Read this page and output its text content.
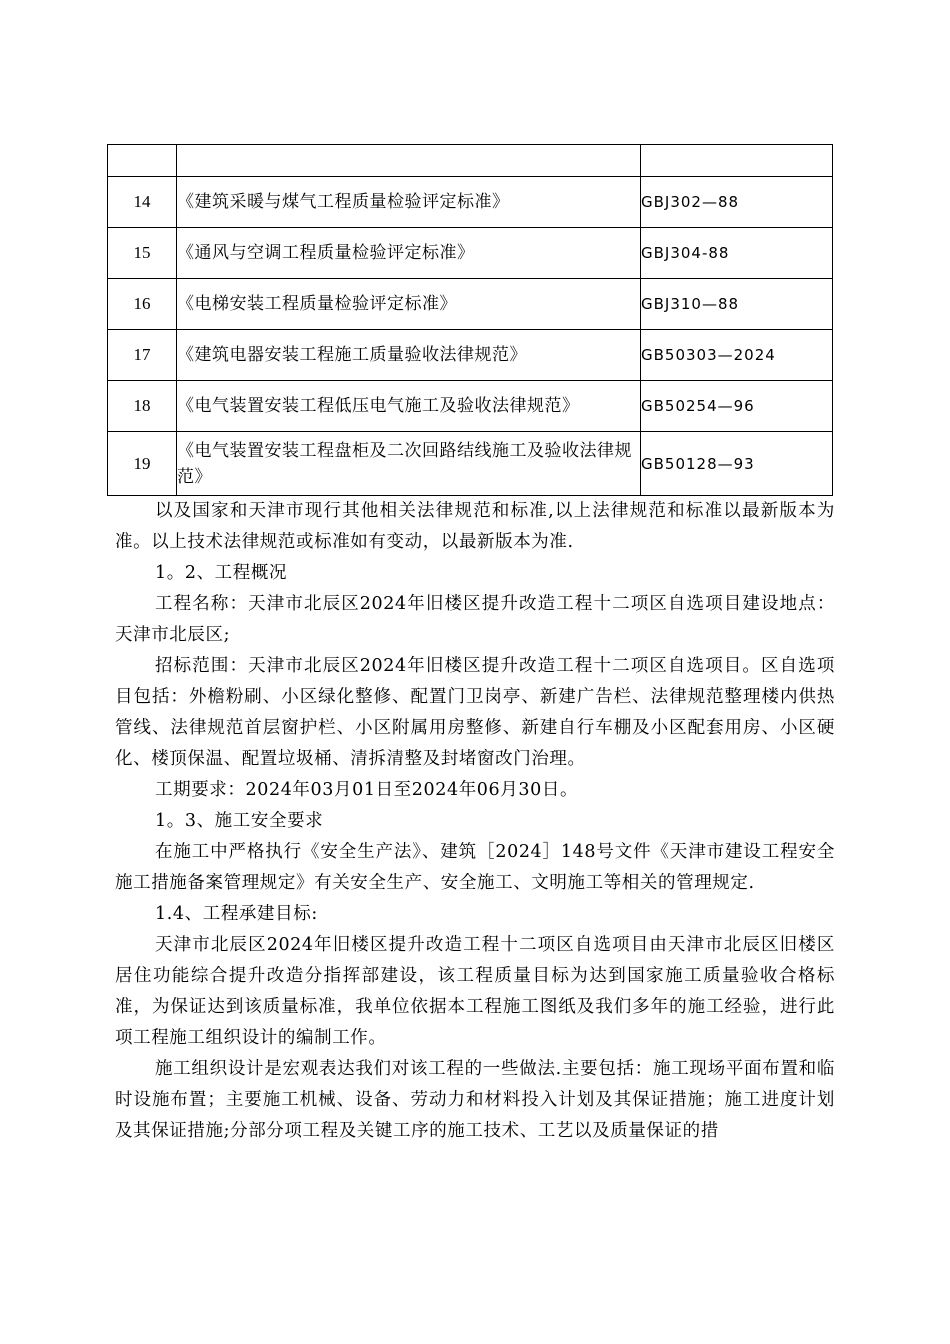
14	《建筑采暖与煤气工程质量检验评定标准》	GBJ302—88
15	《通风与空调工程质量检验评定标准》	GBJ304-88
16	《电梯安装工程质量检验评定标准》	GBJ310—88
17	《建筑电器安装工程施工质量验收法律规范》	GB50303—2024
18	《电气装置安装工程低压电气施工及验收法律规范》	GB50254—96
19	《电气装置安装工程盘柜及二次回路结线施工及验收法律规范》	GB50128—93

以及国家和天津市现行其他相关法律规范和标准,以上法律规范和标准以最新版本为准。以上技术法律规范或标准如有变动，以最新版本为准.

1。2、工程概况

工程名称：天津市北辰区2024年旧楼区提升改造工程十二项区自选项目建设地点：天津市北辰区;

招标范围：天津市北辰区2024年旧楼区提升改造工程十二项区自选项目。区自选项目包括：外檐粉刷、小区绿化整修、配置门卫岗亭、新建广告栏、法律规范整理楼内供热管线、法律规范首层窗护栏、小区附属用房整修、新建自行车棚及小区配套用房、小区硬化、楼顶保温、配置垃圾桶、清拆清整及封堵窗改门治理。

工期要求：2024年03月01日至2024年06月30日。

1。3、施工安全要求

在施工中严格执行《安全生产法》、建筑［2024］148号文件《天津市建设工程安全施工措施备案管理规定》有关安全生产、安全施工、文明施工等相关的管理规定.

1.4、工程承建目标:

天津市北辰区2024年旧楼区提升改造工程十二项区自选项目由天津市北辰区旧楼区居住功能综合提升改造分指挥部建设，该工程质量目标为达到国家施工质量验收合格标准，为保证达到该质量标准，我单位依据本工程施工图纸及我们多年的施工经验，进行此项工程施工组织设计的编制工作。

施工组织设计是宏观表达我们对该工程的一些做法.主要包括：施工现场平面布置和临时设施布置；主要施工机械、设备、劳动力和材料投入计划及其保证措施；施工进度计划及其保证措施;分部分项工程及关键工序的施工技术、工艺以及质量保证的措
